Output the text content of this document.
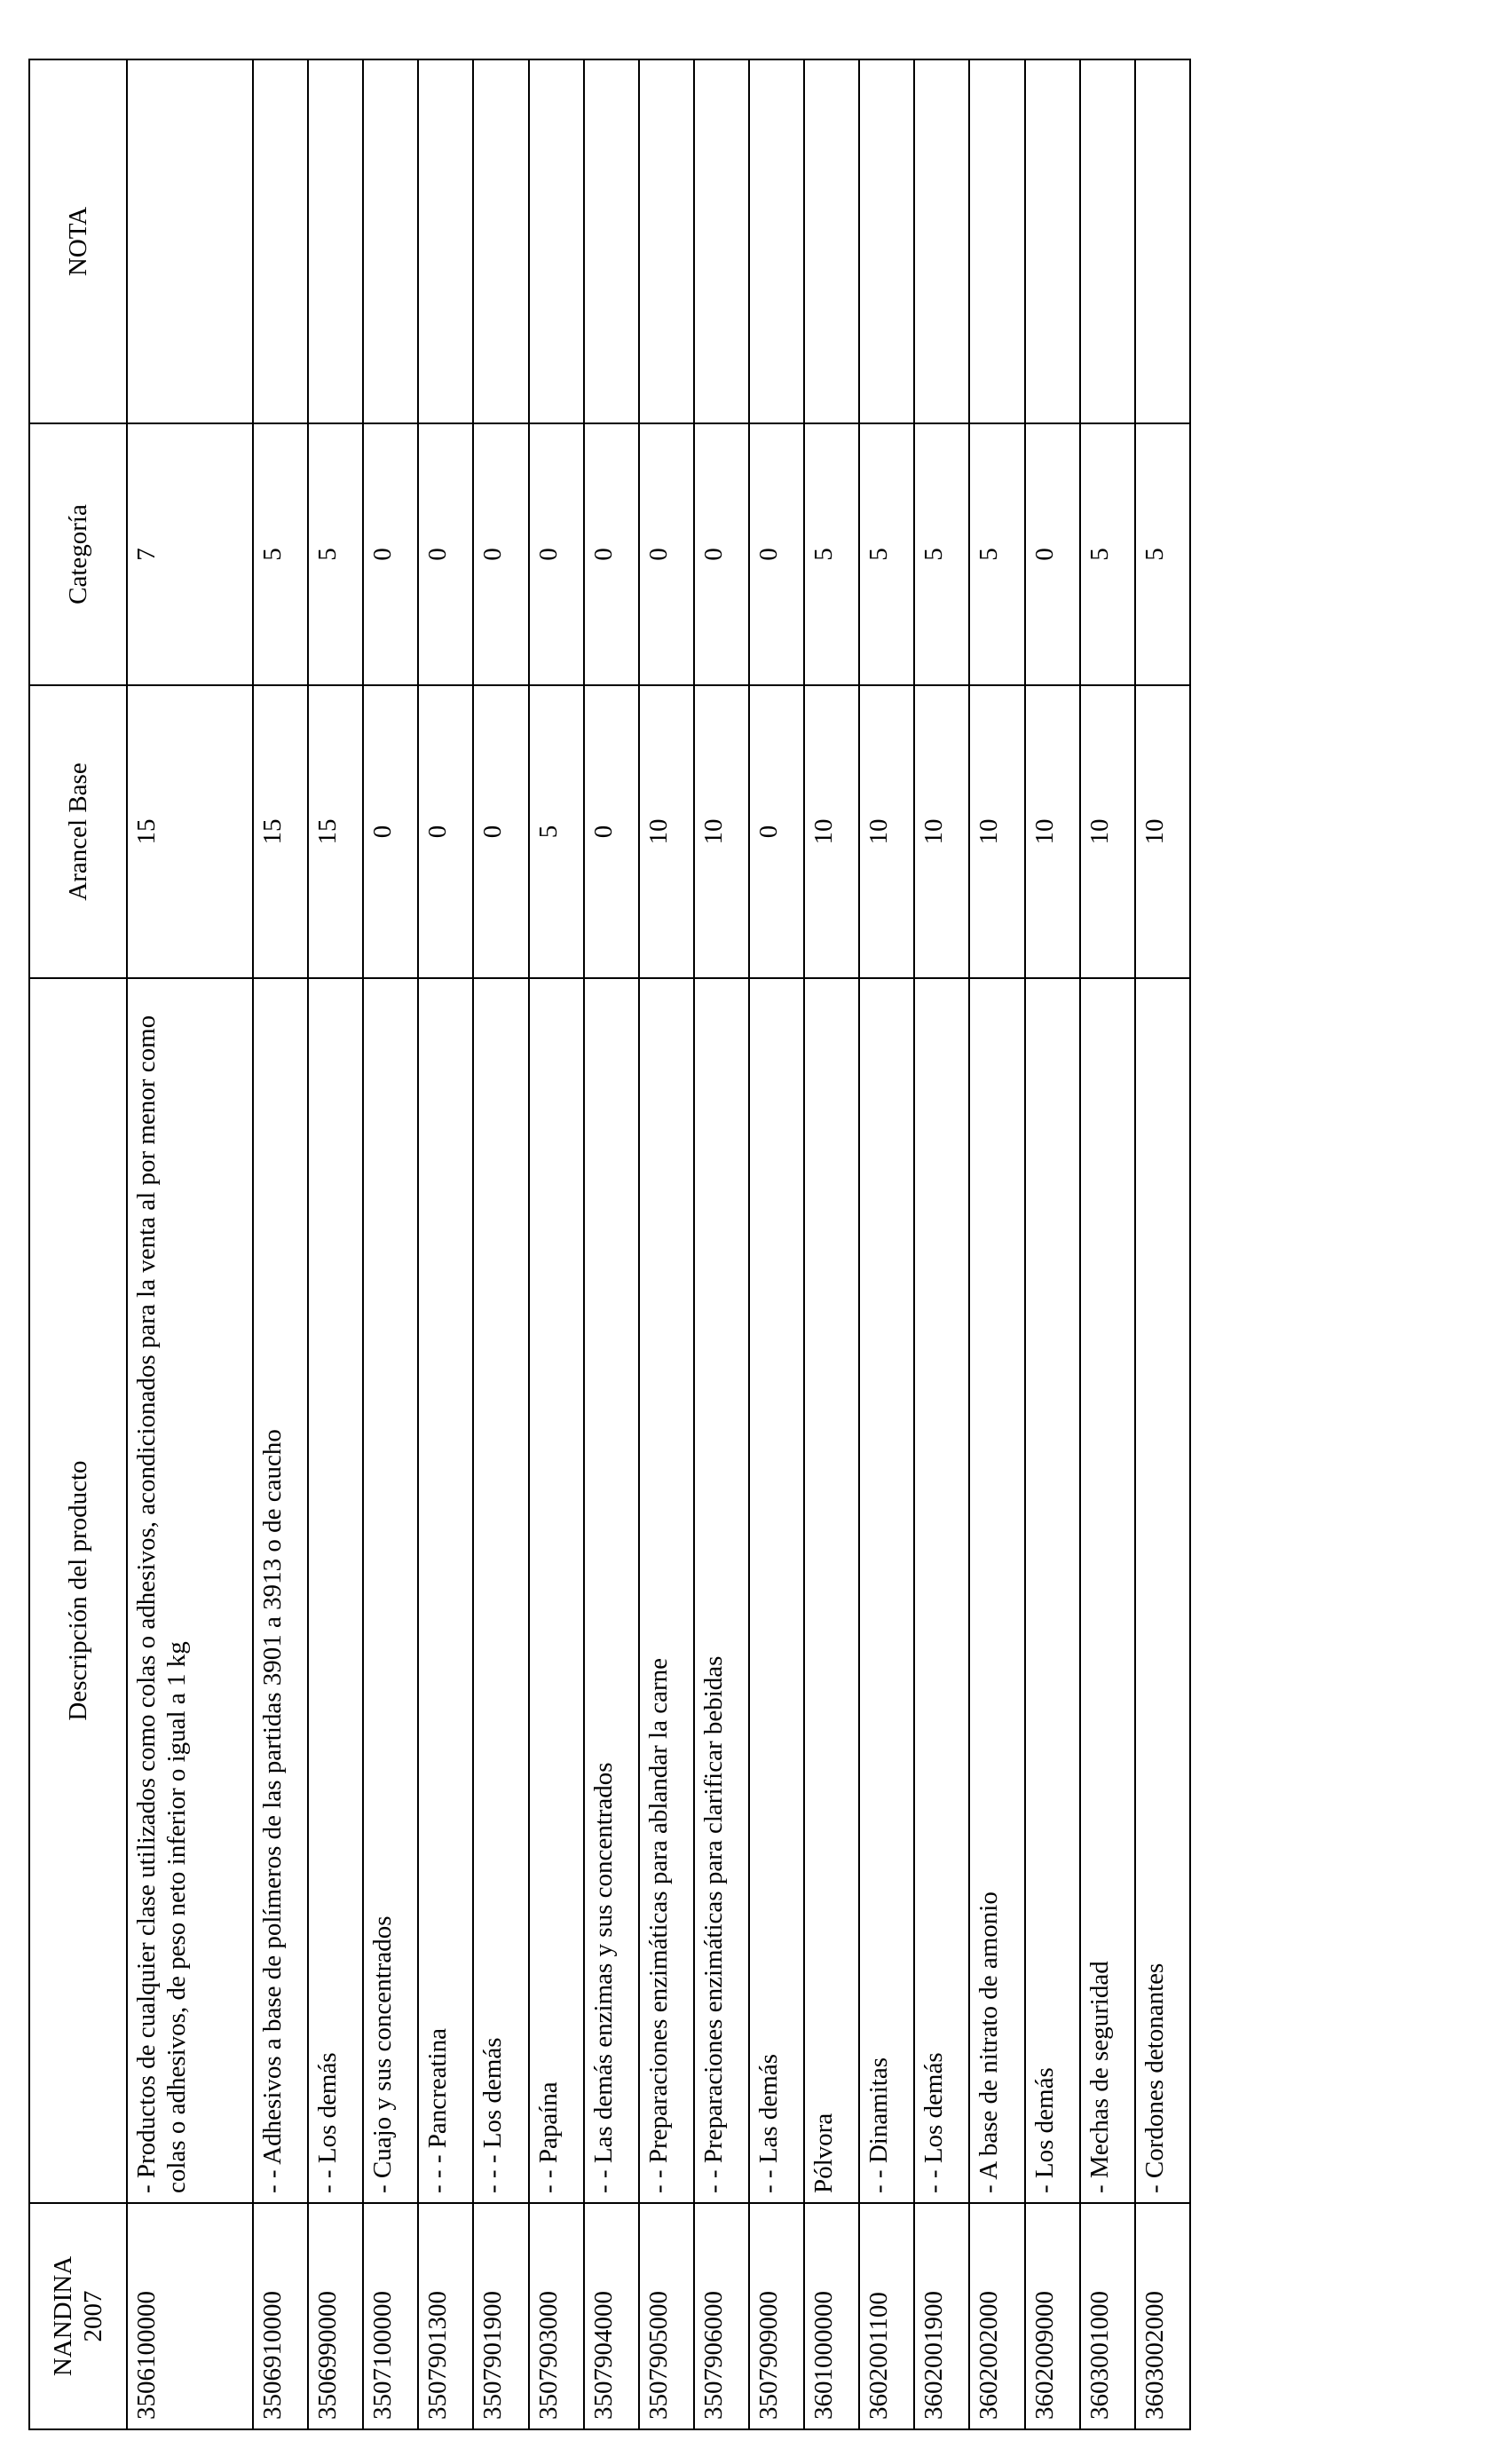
NANDINA
2007	Descripción del producto	Arancel Base	Categoría	NOTA
3506100000	- Productos de cualquier clase utilizados como colas o adhesivos, acondicionados para la venta al por menor como colas o adhesivos, de peso neto inferior o igual a 1 kg	15	7	
3506910000	- - Adhesivos a base de polímeros de las partidas 3901 a 3913 o de caucho	15	5	
3506990000	- - Los demás	15	5	
3507100000	- Cuajo y sus concentrados	0	0	
3507901300	- - - Pancreatina	0	0	
3507901900	- - - Los demás	0	0	
3507903000	- - Papaína	5	0	
3507904000	- - Las demás enzimas y sus concentrados	0	0	
3507905000	- - Preparaciones enzimáticas para ablandar la carne	10	0	
3507906000	- - Preparaciones enzimáticas para clarificar bebidas	10	0	
3507909000	- - Las demás	0	0	
3601000000	Pólvora	10	5	
3602001100	- - Dinamitas	10	5	
3602001900	- - Los demás	10	5	
3602002000	- A base de nitrato de amonio	10	5	
3602009000	- Los demás	10	0	
3603001000	- Mechas de seguridad	10	5	
3603002000	- Cordones detonantes	10	5	
